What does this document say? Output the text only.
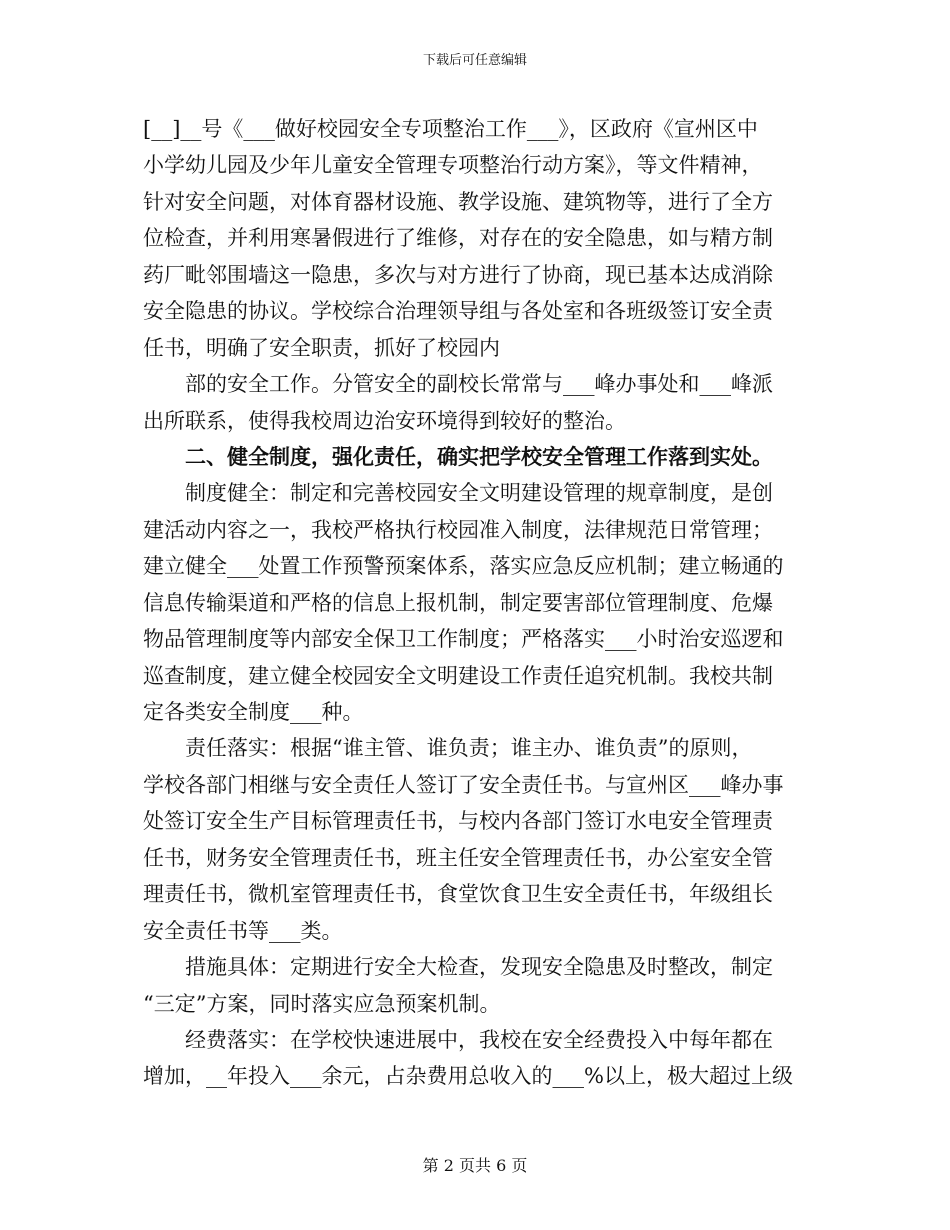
下载后可任意编辑
[__]__号《___做好校园安全专项整治工作___》，区政府《宣州区中
小学幼儿园及少年儿童安全管理专项整治行动方案》，等文件精神，
针对安全问题，对体育器材设施、教学设施、建筑物等，进行了全方
位检查，并利用寒暑假进行了维修，对存在的安全隐患，如与精方制
药厂毗邻围墙这一隐患，多次与对方进行了协商，现已基本达成消除
安全隐患的协议。学校综合治理领导组与各处室和各班级签订安全责
任书，明确了安全职责，抓好了校园内
　　部的安全工作。分管安全的副校长常常与___峰办事处和___峰派
出所联系，使得我校周边治安环境得到较好的整治。
　　二、健全制度，强化责任，确实把学校安全管理工作落到实处。
　　制度健全：制定和完善校园安全文明建设管理的规章制度，是创
建活动内容之一，我校严格执行校园准入制度，法律规范日常管理；
建立健全___处置工作预警预案体系，落实应急反应机制；建立畅通的
信息传输渠道和严格的信息上报机制，制定要害部位管理制度、危爆
物品管理制度等内部安全保卫工作制度；严格落实___小时治安巡逻和
巡查制度，建立健全校园安全文明建设工作责任追究机制。我校共制
定各类安全制度___种。
　　责任落实：根据“谁主管、谁负责；谁主办、谁负责”的原则，
学校各部门相继与安全责任人签订了安全责任书。与宣州区___峰办事
处签订安全生产目标管理责任书，与校内各部门签订水电安全管理责
任书，财务安全管理责任书，班主任安全管理责任书，办公室安全管
理责任书，微机室管理责任书，食堂饮食卫生安全责任书，年级组长
安全责任书等___类。
　　措施具体：定期进行安全大检查，发现安全隐患及时整改，制定
“三定”方案，同时落实应急预案机制。
　　经费落实：在学校快速进展中，我校在安全经费投入中每年都在
增加，__年投入___余元，占杂费用总收入的___%以上，极大超过上级
第 2 页共 6 页
